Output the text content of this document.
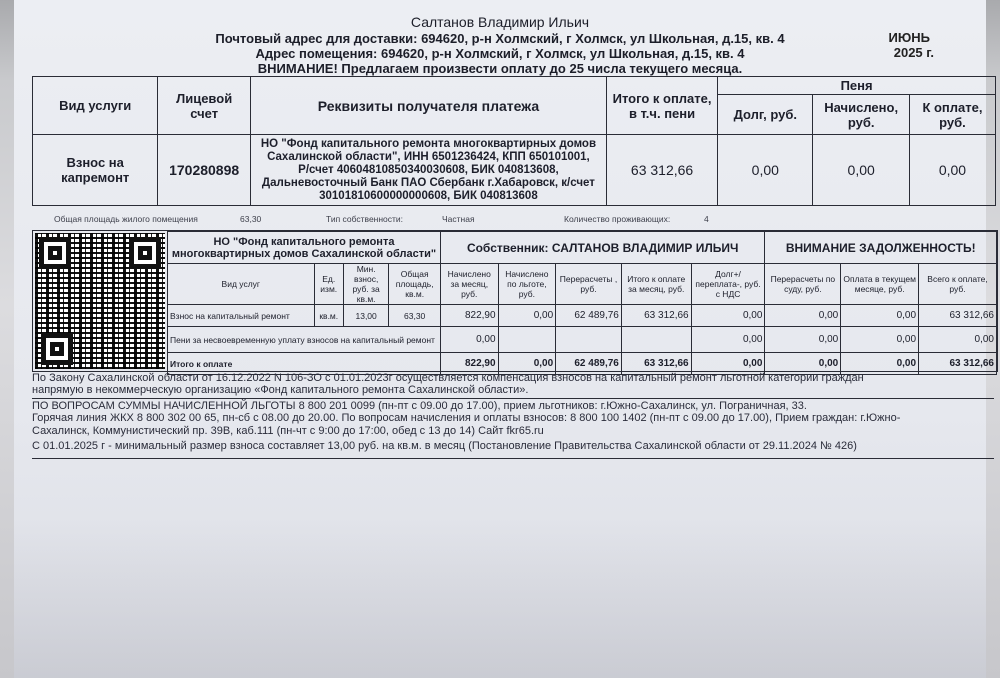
Салтанов Владимир Ильич
Почтовый адрес для доставки: 694620, р-н Холмский, г Холмск, ул Школьная, д.15, кв. 4
Адрес помещения: 694620, р-н Холмский, г Холмск, ул Школьная, д.15, кв. 4
ВНИМАНИЕ! Предлагаем произвести оплату до 25 числа текущего месяца.
ИЮНЬ
2025 г.
Вид услуги	Лицевой счет	Реквизиты получателя платежа	Итого к оплате, в т.ч. пени	Пеня		
				Долг, руб.	Начислено, руб.	К оплате, руб.
Взнос на капремонт	170280898	НО "Фонд капитального ремонта многоквартирных домов
Сахалинской области", ИНН 6501236424, КПП 650101001,
Р/счет 40604810850340030608, БИК 040813608,
Дальневосточный Банк ПАО Сбербанк г.Хабаровск, к/счет
30101810600000000608, БИК 040813608	63 312,66	0,00	0,00	0,00
Общая площадь жилого помещения	63,30	Тип собственности:	Частная	Количество проживающих:	4
НО "Фонд капитального ремонта
многоквартирных домов Сахалинской области"				Собственник: САЛТАНОВ ВЛАДИМИР ИЛЬИЧ					ВНИМАНИЕ ЗАДОЛЖЕННОСТЬ!		
Вид услуг	Ед. изм.	Мин. взнос, руб. за кв.м.	Общая площадь, кв.м.	Начислено за месяц, руб.	Начислено по льготе, руб.	Перерасчеты , руб.	Итого к оплате за месяц, руб.	Долг+/ переплата-, руб. с НДС	Перерасчеты по суду, руб.	Оплата в текущем месяце, руб.	Всего к оплате, руб.
Взнос на капитальный ремонт	кв.м.	13,00	63,30	822,90	0,00	62 489,76	63 312,66	0,00	0,00	0,00	63 312,66
Пени за несвоевременную уплату взносов на капитальный ремонт				0,00				0,00	0,00	0,00	0,00
Итого к оплате				822,90	0,00	62 489,76	63 312,66	0,00	0,00	0,00	63 312,66
По Закону Сахалинской области от 16.12.2022 N 106-ЗО с 01.01.2023г осуществляется компенсация взносов на капитальный ремонт льготной категории граждан
напрямую в некоммерческую организацию «Фонд капитального ремонта Сахалинской области».
ПО ВОПРОСАМ СУММЫ НАЧИСЛЕННОЙ ЛЬГОТЫ 8 800 201 0099 (пн-пт с 09.00 до 17.00), прием льготников: г.Южно-Сахалинск, ул. Пограничная, 33.
Горячая линия ЖКХ 8 800 302 00 65, пн-сб с 08.00 до 20.00. По вопросам начисления и оплаты взносов: 8 800 100 1402 (пн-пт с 09.00 до 17.00), Прием граждан: г.Южно-
Сахалинск, Коммунистический пр. 39В, каб.111 (пн-чт с 9:00 до 17:00, обед с 13 до 14) Сайт fkr65.ru
С 01.01.2025 г - минимальный размер взноса составляет 13,00 руб. на кв.м. в месяц (Постановление Правительства Сахалинской области от 29.11.2024 № 426)
